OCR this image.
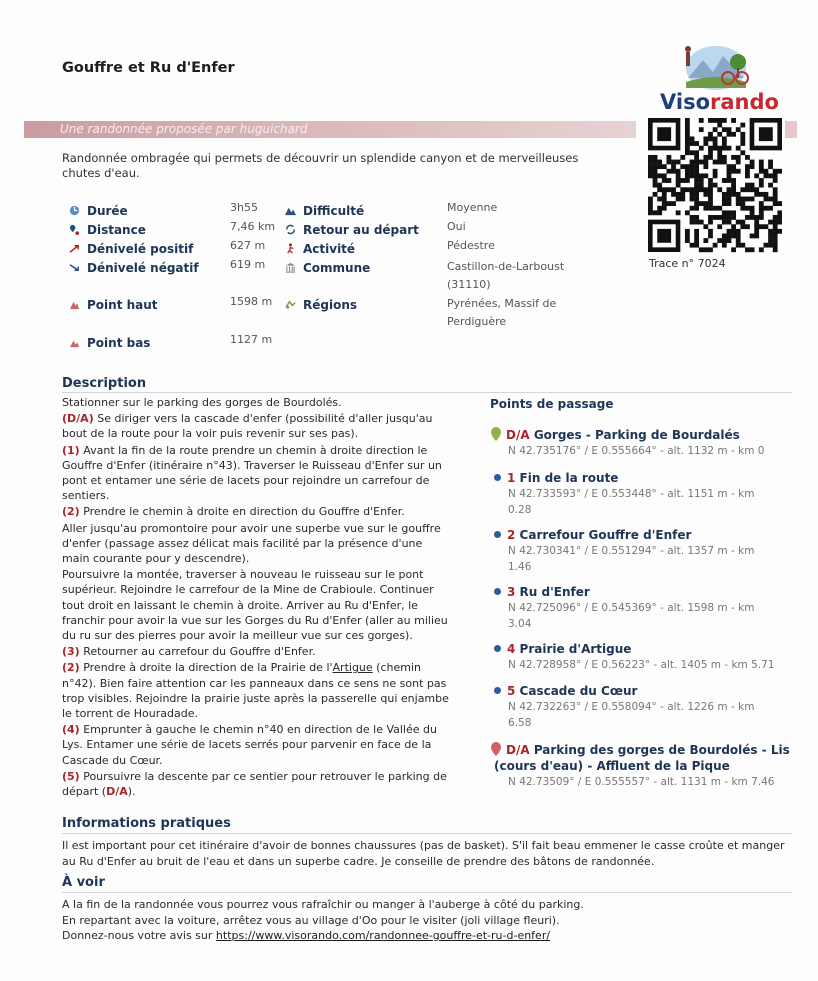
Gouffre et Ru d'Enfer
Visorando
Une randonnée proposée par huguichard
Trace n° 7024
Randonnée ombragée qui permets de découvrir un splendide canyon et de merveilleuses chutes d'eau.
Durée	3h55
Distance	7,46 km
Dénivelé positif	627 m
Dénivelé négatif	619 m
Point haut	1598 m
Point bas	1127 m
Difficulté	Moyenne
Retour au départ	Oui
Activité	Pédestre
Commune	Castillon-de-Larboust (31110)
Régions	Pyrénées, Massif de Perdiguère
Description

Stationner sur le parking des gorges de Bourdolés.

(D/A) Se diriger vers la cascade d'enfer (possibilité d'aller jusqu'au bout de la route pour la voir puis revenir sur ses pas).

(1) Avant la fin de la route prendre un chemin à droite direction le Gouffre d'Enfer (itinéraire n°43). Traverser le Ruisseau d'Enfer sur un pont et entamer une série de lacets pour rejoindre un carrefour de sentiers.

(2) Prendre le chemin à droite en direction du Gouffre d'Enfer.

Aller jusqu'au promontoire pour avoir une superbe vue sur le gouffre d'enfer (passage assez délicat mais facilité par la présence d'une main courante pour y descendre).

Poursuivre la montée, traverser à nouveau le ruisseau sur le pont supérieur. Rejoindre le carrefour de la Mine de Crabioule. Continuer tout droit en laissant le chemin à droite. Arriver au Ru d'Enfer, le franchir pour avoir la vue sur les Gorges du Ru d'Enfer (aller au milieu du ru sur des pierres pour avoir la meilleur vue sur ces gorges).

(3) Retourner au carrefour du Gouffre d'Enfer.

(2) Prendre à droite la direction de la Prairie de l'Artigue (chemin n°42). Bien faire attention car les panneaux dans ce sens ne sont pas trop visibles. Rejoindre la prairie juste après la passerelle qui enjambe le torrent de Houradade.

(4) Emprunter à gauche le chemin n°40 en direction de le Vallée du Lys. Entamer une série de lacets serrés pour parvenir en face de la Cascade du Cœur.

(5) Poursuivre la descente par ce sentier pour retrouver le parking de départ (D/A).

Points de passage
D/A Gorges - Parking de Bourdalés
N 42.735176° / E 0.555664° - alt. 1132 m - km 0
1 Fin de la route
N 42.733593° / E 0.553448° - alt. 1151 m - km 0.28
2 Carrefour Gouffre d'Enfer
N 42.730341° / E 0.551294° - alt. 1357 m - km 1.46
3 Ru d'Enfer
N 42.725096° / E 0.545369° - alt. 1598 m - km 3.04
4 Prairie d'Artigue
N 42.728958° / E 0.56223° - alt. 1405 m - km 5.71
5 Cascade du Cœur
N 42.732263° / E 0.558094° - alt. 1226 m - km 6.58
D/A Parking des gorges de Bourdolés - Lis (cours d'eau) - Affluent de la Pique
N 42.73509° / E 0.555557° - alt. 1131 m - km 7.46
Informations pratiques
Il est important pour cet itinéraire d'avoir de bonnes chaussures (pas de basket). S'il fait beau emmener le casse croûte et manger au Ru d'Enfer au bruit de l'eau et dans un superbe cadre. Je conseille de prendre des bâtons de randonnée.
À voir
A la fin de la randonnée vous pourrez vous rafraîchir ou manger à l'auberge à côté du parking.
En repartant avec la voiture, arrêtez vous au village d'Oo pour le visiter (joli village fleuri).
Donnez-nous votre avis sur https://www.visorando.com/randonnee-gouffre-et-ru-d-enfer/
